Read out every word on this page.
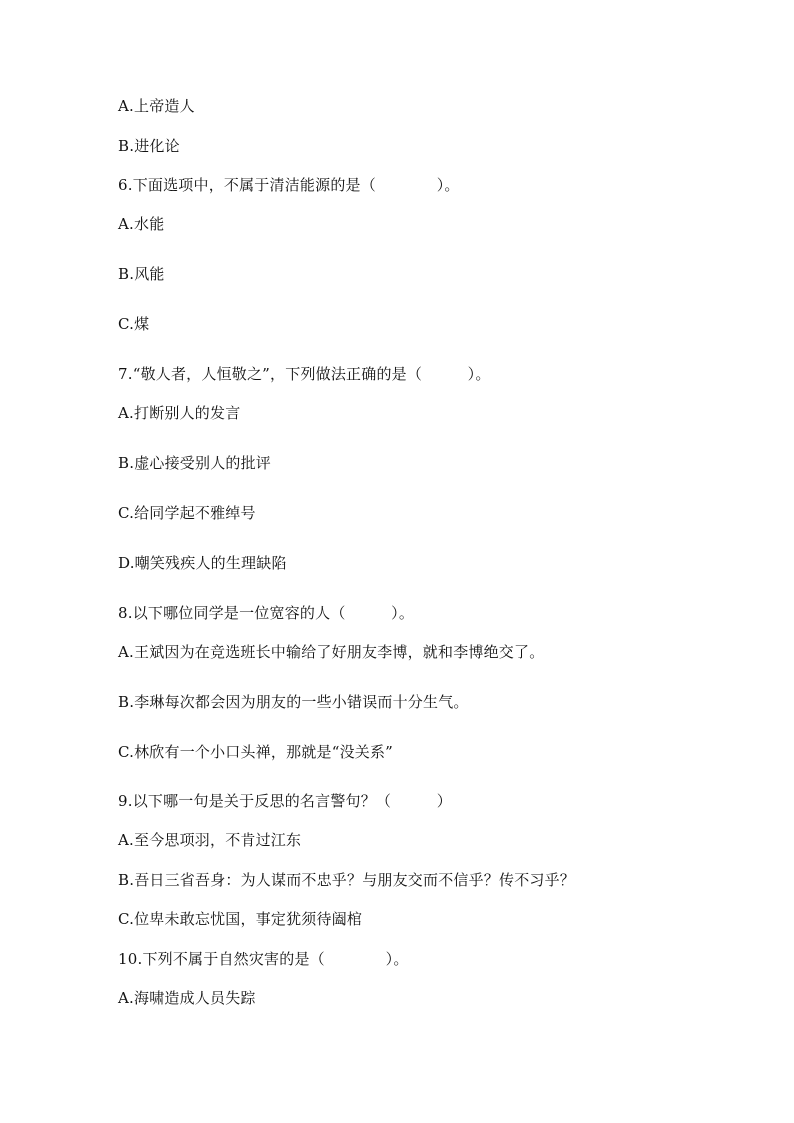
A.上帝造人
B.进化论
6.下面选项中，不属于清洁能源的是（　　　　）。
A.水能
B.风能
C.煤
7.“敬人者，人恒敬之”，下列做法正确的是（　　　）。
A.打断别人的发言
B.虚心接受别人的批评
C.给同学起不雅绰号
D.嘲笑残疾人的生理缺陷
8.以下哪位同学是一位宽容的人（　　　）。
A.王斌因为在竞选班长中输给了好朋友李博，就和李博绝交了。
B.李琳每次都会因为朋友的一些小错误而十分生气。
C.林欣有一个小口头禅，那就是“没关系”
9.以下哪一句是关于反思的名言警句？（　　　）
A.至今思项羽，不肯过江东
B.吾日三省吾身：为人谋而不忠乎？与朋友交而不信乎？传不习乎？
C.位卑未敢忘忧国，事定犹须待阖棺
10.下列不属于自然灾害的是（　　　　）。
A.海啸造成人员失踪
